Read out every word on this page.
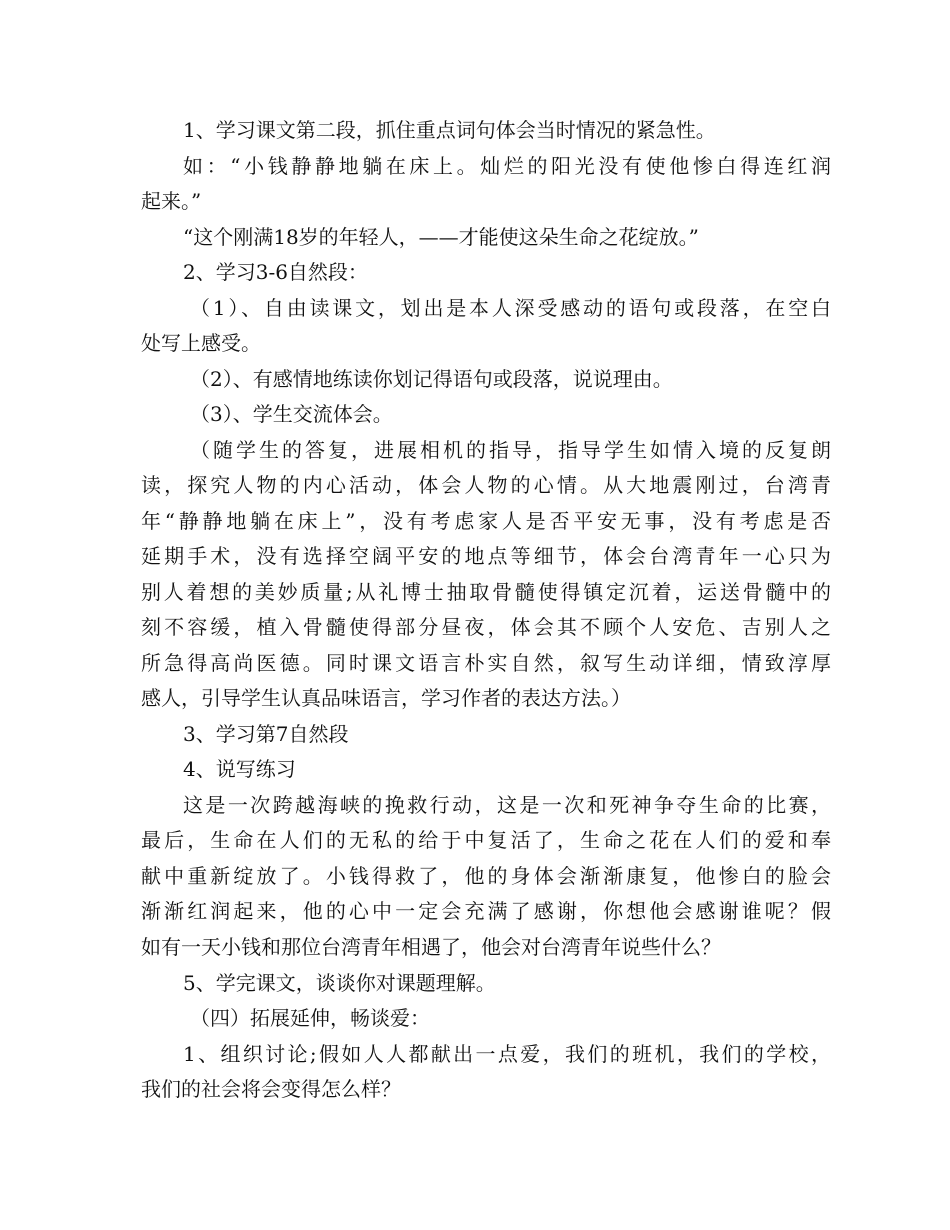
1、学习课文第二段，抓住重点词句体会当时情况的紧急性。
如：“小钱静静地躺在床上。灿烂的阳光没有使他惨白得连红润
起来。”
“这个刚满18岁的年轻人，——才能使这朵生命之花绽放。”
2、学习3-6自然段：
（1）、自由读课文，划出是本人深受感动的语句或段落，在空白
处写上感受。
（2）、有感情地练读你划记得语句或段落，说说理由。
（3）、学生交流体会。
（随学生的答复，进展相机的指导，指导学生如情入境的反复朗
读，探究人物的内心活动，体会人物的心情。从大地震刚过，台湾青
年“静静地躺在床上”，没有考虑家人是否平安无事，没有考虑是否
延期手术，没有选择空阔平安的地点等细节，体会台湾青年一心只为
别人着想的美妙质量;从礼博士抽取骨髓使得镇定沉着，运送骨髓中的
刻不容缓，植入骨髓使得部分昼夜，体会其不顾个人安危、吉别人之
所急得高尚医德。同时课文语言朴实自然，叙写生动详细，情致淳厚
感人，引导学生认真品味语言，学习作者的表达方法。）
3、学习第7自然段
4、说写练习
这是一次跨越海峡的挽救行动，这是一次和死神争夺生命的比赛，
最后，生命在人们的无私的给于中复活了，生命之花在人们的爱和奉
献中重新绽放了。小钱得救了，他的身体会渐渐康复，他惨白的脸会
渐渐红润起来，他的心中一定会充满了感谢，你想他会感谢谁呢？假
如有一天小钱和那位台湾青年相遇了，他会对台湾青年说些什么？
5、学完课文，谈谈你对课题理解。
（四）拓展延伸，畅谈爱：
1、组织讨论;假如人人都献出一点爱，我们的班机，我们的学校，
我们的社会将会变得怎么样？
